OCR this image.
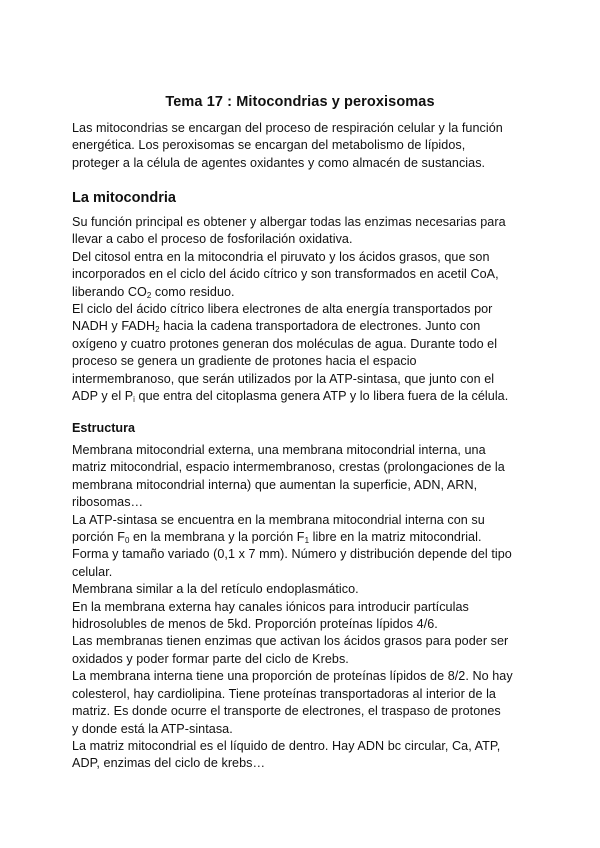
Tema 17 : Mitocondrias y peroxisomas

Las mitocondrias se encargan del proceso de respiración celular y la función

energética. Los peroxisomas se encargan del metabolismo de lípidos,

proteger a la célula de agentes oxidantes y como almacén de sustancias.

La mitocondria

Su función principal es obtener y albergar todas las enzimas necesarias para

llevar a cabo el proceso de fosforilación oxidativa.

Del citosol entra en la mitocondria el piruvato y los ácidos grasos, que son

incorporados en el ciclo del ácido cítrico y son transformados en acetil CoA,

liberando $CO_2$ como residuo.

El ciclo del ácido cítrico libera electrones de alta energía transportados por

NADH y $FADH_2$ hacia la cadena transportadora de electrones. Junto con

oxígeno y cuatro protones generan dos moléculas de agua. Durante todo el

proceso se genera un gradiente de protones hacia el espacio

intermembranoso, que serán utilizados por la ATP-sintasa, que junto con el

ADP y el $P_i$ que entra del citoplasma genera ATP y lo libera fuera de la célula.

Estructura

Membrana mitocondrial externa, una membrana mitocondrial interna, una

matriz mitocondrial, espacio intermembranoso, crestas (prolongaciones de la

membrana mitocondrial interna) que aumentan la superficie, ADN, ARN,

ribosomas…

La ATP-sintasa se encuentra en la membrana mitocondrial interna con su

porción $F_0$ en la membrana y la porción $F_1$ libre en la matriz mitocondrial.

Forma y tamaño variado (0,1 x 7 mm). Número y distribución depende del tipo

celular.

Membrana similar a la del retículo endoplasmático.

En la membrana externa hay canales iónicos para introducir partículas

hidrosolubles de menos de 5kd. Proporción proteínas lípidos 4/6.

Las membranas tienen enzimas que activan los ácidos grasos para poder ser

oxidados y poder formar parte del ciclo de Krebs.

La membrana interna tiene una proporción de proteínas lípidos de 8/2. No hay

colesterol, hay cardiolipina. Tiene proteínas transportadoras al interior de la

matriz. Es donde ocurre el transporte de electrones, el traspaso de protones

y donde está la ATP-sintasa.

La matriz mitocondrial es el líquido de dentro. Hay ADN bc circular, Ca, ATP,

ADP, enzimas del ciclo de krebs…
